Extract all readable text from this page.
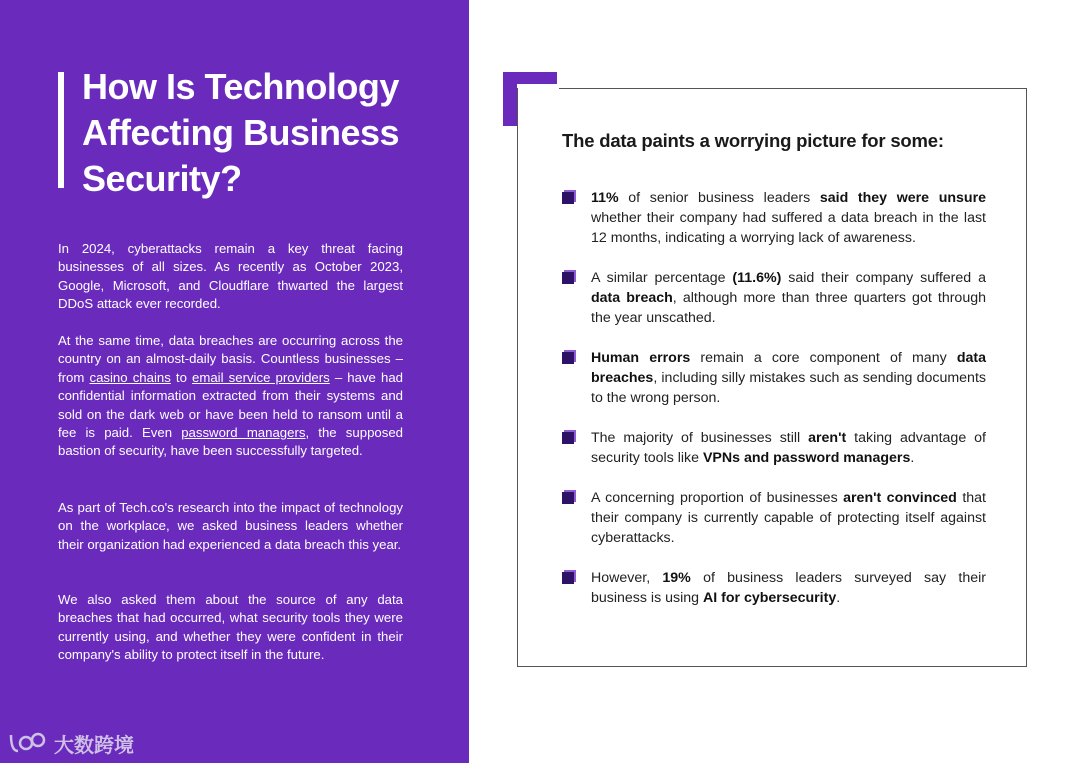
How Is Technology
Affecting Business
Security?

In 2024, cyberattacks remain a key threat facing businesses of all sizes. As recently as October 2023, Google, Microsoft, and Cloudflare thwarted the largest DDoS attack ever recorded.

At the same time, data breaches are occurring across the country on an almost-daily basis. Countless businesses – from casino chains to email service providers – have had confidential information extracted from their systems and sold on the dark web or have been held to ransom until a fee is paid. Even password managers, the supposed bastion of security, have been successfully targeted.

As part of Tech.co's research into the impact of technology on the workplace, we asked business leaders whether their organization had experienced a data breach this year.

We also asked them about the source of any data breaches that had occurred, what security tools they were currently using, and whether they were confident in their company's ability to protect itself in the future.

大数跨境
The data paints a worrying picture for some:

11% of senior business leaders said they were unsure whether their company had suffered a data breach in the last 12 months, indicating a worrying lack of awareness.

A similar percentage (11.6%) said their company suffered a data breach, although more than three quarters got through the year unscathed.

Human errors remain a core component of many data breaches, including silly mistakes such as sending documents to the wrong person.

The majority of businesses still aren't taking advantage of security tools like VPNs and password managers.

A concerning proportion of businesses aren't convinced that their company is currently capable of protecting itself against cyberattacks.

However, 19% of business leaders surveyed say their business is using AI for cybersecurity.
